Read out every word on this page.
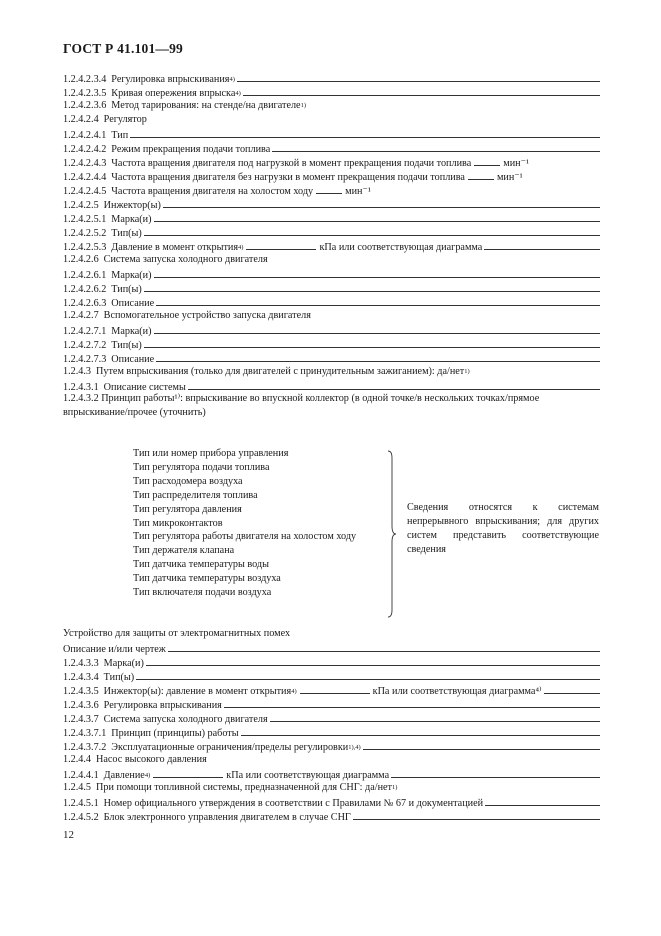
ГОСТ Р 41.101—99
1.2.4.2.3.4 Регулировка впрыскивания$^{4)}$
1.2.4.2.3.5 Кривая опережения впрыска$^{4)}$
1.2.4.2.3.6 Метод тарирования: на стенде/на двигателе$^{1)}$
1.2.4.2.4 Регулятор
1.2.4.2.4.1 Тип
1.2.4.2.4.2 Режим прекращения подачи топлива
1.2.4.2.4.3 Частота вращения двигателя под нагрузкой в момент прекращения подачи топлива	мин⁻¹
1.2.4.2.4.4 Частота вращения двигателя без нагрузки в момент прекращения подачи топлива	мин⁻¹
1.2.4.2.4.5 Частота вращения двигателя на холостом ходу	мин⁻¹
1.2.4.2.5 Инжектор(ы)
1.2.4.2.5.1 Марка(и)
1.2.4.2.5.2 Тип(ы)
1.2.4.2.5.3 Давление в момент открытия$^{4)}$	кПа или соответствующая диаграмма
1.2.4.2.6 Система запуска холодного двигателя
1.2.4.2.6.1 Марка(и)
1.2.4.2.6.2 Тип(ы)
1.2.4.2.6.3 Описание
1.2.4.2.7 Вспомогательное устройство запуска двигателя
1.2.4.2.7.1 Марка(и)
1.2.4.2.7.2 Тип(ы)
1.2.4.2.7.3 Описание
1.2.4.3 Путем впрыскивания (только для двигателей с принудительным зажиганием): да/нет$^{1)}$
1.2.4.3.1 Описание системы
1.2.4.3.2 Принцип работы¹⁾: впрыскивание во впускной коллектор (в одной точке/в нескольких точках/прямое
впрыскивание/прочее (уточнить)
Тип или номер прибора управления
Тип регулятора подачи топлива
Тип расходомера воздуха
Тип распределителя топлива
Тип регулятора давления
Тип микроконтактов
Тип регулятора работы двигателя на холостом ходу
Тип держателя клапана
Тип датчика температуры воды
Тип датчика температуры воздуха
Тип включателя подачи воздуха
Сведения относятся к системам непрерывного впрыскивания; для других систем представить соответствующие сведения
Устройство для защиты от электромагнитных помех
Описание и/или чертеж
1.2.4.3.3 Марка(и)
1.2.4.3.4 Тип(ы)
1.2.4.3.5 Инжектор(ы): давление в момент открытия$^{4)}$	кПа или соответствующая диаграмма⁴⁾
1.2.4.3.6 Регулировка впрыскивания
1.2.4.3.7 Система запуска холодного двигателя
1.2.4.3.7.1 Принцип (принципы) работы
1.2.4.3.7.2 Эксплуатационные ограничения/пределы регулировки$^{1),4)}$
1.2.4.4 Насос высокого давления
1.2.4.4.1 Давление$^{4)}$	кПа или соответствующая диаграмма
1.2.4.5 При помощи топливной системы, предназначенной для СНГ: да/нет$^{1)}$
1.2.4.5.1 Номер официального утверждения в соответствии с Правилами № 67 и документацией
1.2.4.5.2 Блок электронного управления двигателем в случае СНГ
12
